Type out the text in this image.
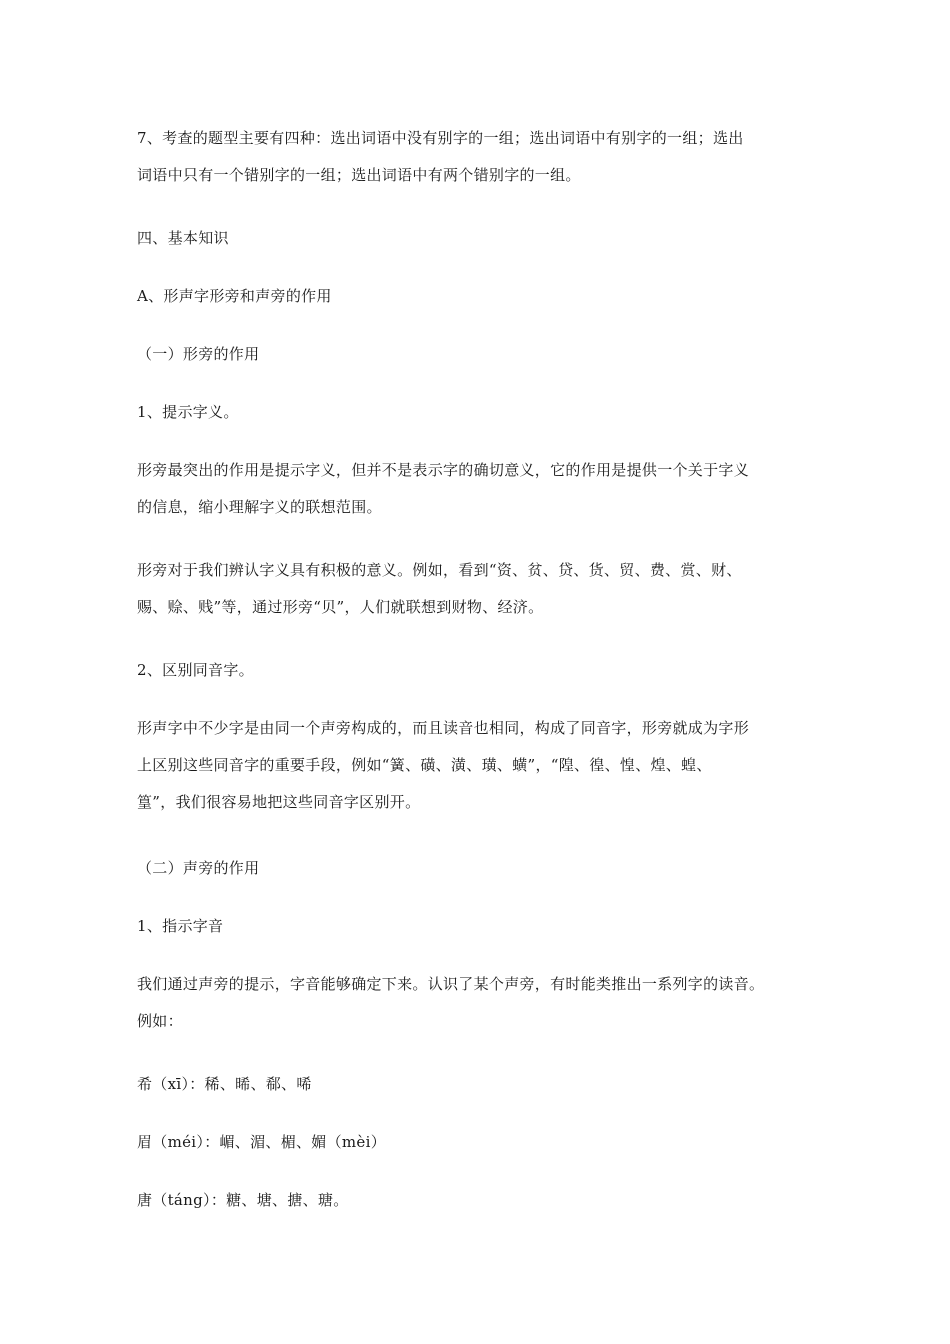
7、考查的题型主要有四种：选出词语中没有别字的一组；选出词语中有别字的一组；选出
词语中只有一个错别字的一组；选出词语中有两个错别字的一组。

四、基本知识

A、形声字形旁和声旁的作用

（一）形旁的作用

1、提示字义。

形旁最突出的作用是提示字义，但并不是表示字的确切意义，它的作用是提供一个关于字义
的信息，缩小理解字义的联想范围。

形旁对于我们辨认字义具有积极的意义。例如，看到“资、贫、贷、货、贸、费、赏、财、
赐、赊、贱”等，通过形旁“贝”，人们就联想到财物、经济。

2、区别同音字。

形声字中不少字是由同一个声旁构成的，而且读音也相同，构成了同音字，形旁就成为字形
上区别这些同音字的重要手段，例如“簧、磺、潢、璜、蟥”，“隍、徨、惶、煌、蝗、
篁”，我们很容易地把这些同音字区别开。

（二）声旁的作用

1、指示字音

我们通过声旁的提示，字音能够确定下来。认识了某个声旁，有时能类推出一系列字的读音。
例如：

希（xī）：稀、晞、郗、唏

眉（méi）：嵋、湄、楣、媚（mèi）

唐（táng）：糖、塘、搪、瑭。
